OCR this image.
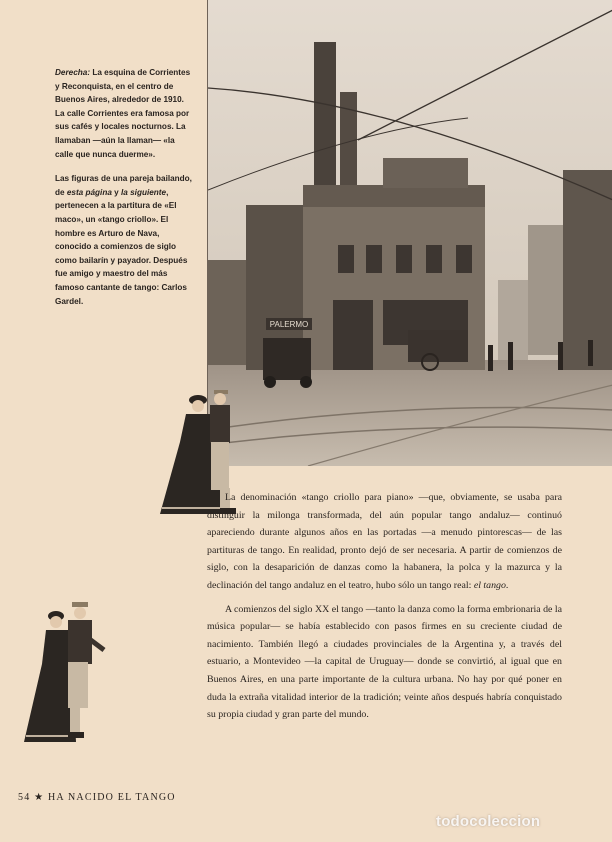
Derecha: La esquina de Corrientes y Reconquista, en el centro de Buenos Aires, alrededor de 1910. La calle Corrientes era famosa por sus cafés y locales nocturnos. La llamaban —aún la llaman— «la calle que nunca duerme».

Las figuras de una pareja bailando, de esta página y la siguiente, pertenecen a la partitura de «El maco», un «tango criollo». El hombre es Arturo de Nava, conocido a comienzos de siglo como bailarín y payador. Después fue amigo y maestro del más famoso cantante de tango: Carlos Gardel.

PALERMO

La denominación «tango criollo para piano» —que, obviamente, se usaba para distinguir la milonga transformada, del aún popular tango andaluz— continuó apareciendo durante algunos años en las portadas —a menudo pintorescas— de las partituras de tango. En realidad, pronto dejó de ser necesaria. A partir de comienzos de siglo, con la desaparición de danzas como la habanera, la polca y la mazurca y la declinación del tango andaluz en el teatro, hubo sólo un tango real: el tango.

A comienzos del siglo XX el tango —tanto la danza como la forma embrionaria de la música popular— se había establecido con pasos firmes en su creciente ciudad de nacimiento. También llegó a ciudades provinciales de la Argentina y, a través del estuario, a Montevideo —la capital de Uruguay— donde se convirtió, al igual que en Buenos Aires, en una parte importante de la cultura urbana. No hay por qué poner en duda la extraña vitalidad interior de la tradición; veinte años después habría conquistado su propia ciudad y gran parte del mundo.

54 ★ HA NACIDO EL TANGO
todocoleccion
